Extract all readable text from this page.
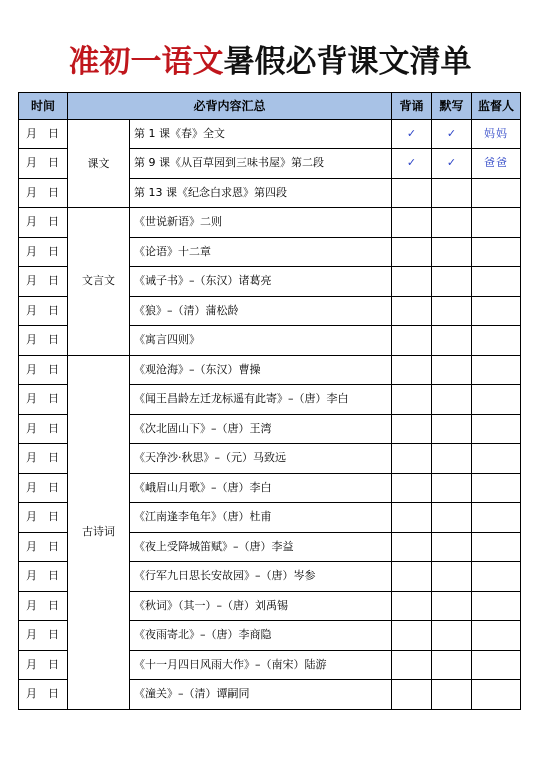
准初一语文暑假必背课文清单
时间	必背内容汇总		背诵	默写	监督人
月 日	课文	第 1 课《春》全文	✓	✓	妈妈
月 日		第 9 课《从百草园到三味书屋》第二段	✓	✓	爸爸
月 日		第 13 课《纪念白求恩》第四段			
月 日	文言文	《世说新语》二则			
月 日		《论语》十二章			
月 日		《诫子书》–（东汉）诸葛亮			
月 日		《狼》–（清）蒲松龄			
月 日		《寓言四则》			
月 日	古诗词	《观沧海》–（东汉）曹操			
月 日		《闻王昌龄左迁龙标遥有此寄》–（唐）李白			
月 日		《次北固山下》–（唐）王湾			
月 日		《天净沙·秋思》–（元）马致远			
月 日		《峨眉山月歌》–（唐）李白			
月 日		《江南逢李龟年》（唐）杜甫			
月 日		《夜上受降城笛赋》–（唐）李益			
月 日		《行军九日思长安故园》–（唐）岑参			
月 日		《秋词》（其一）–（唐）刘禹锡			
月 日		《夜雨寄北》–（唐）李商隐			
月 日		《十一月四日风雨大作》–（南宋）陆游			
月 日		《潼关》–（清）谭嗣同			
